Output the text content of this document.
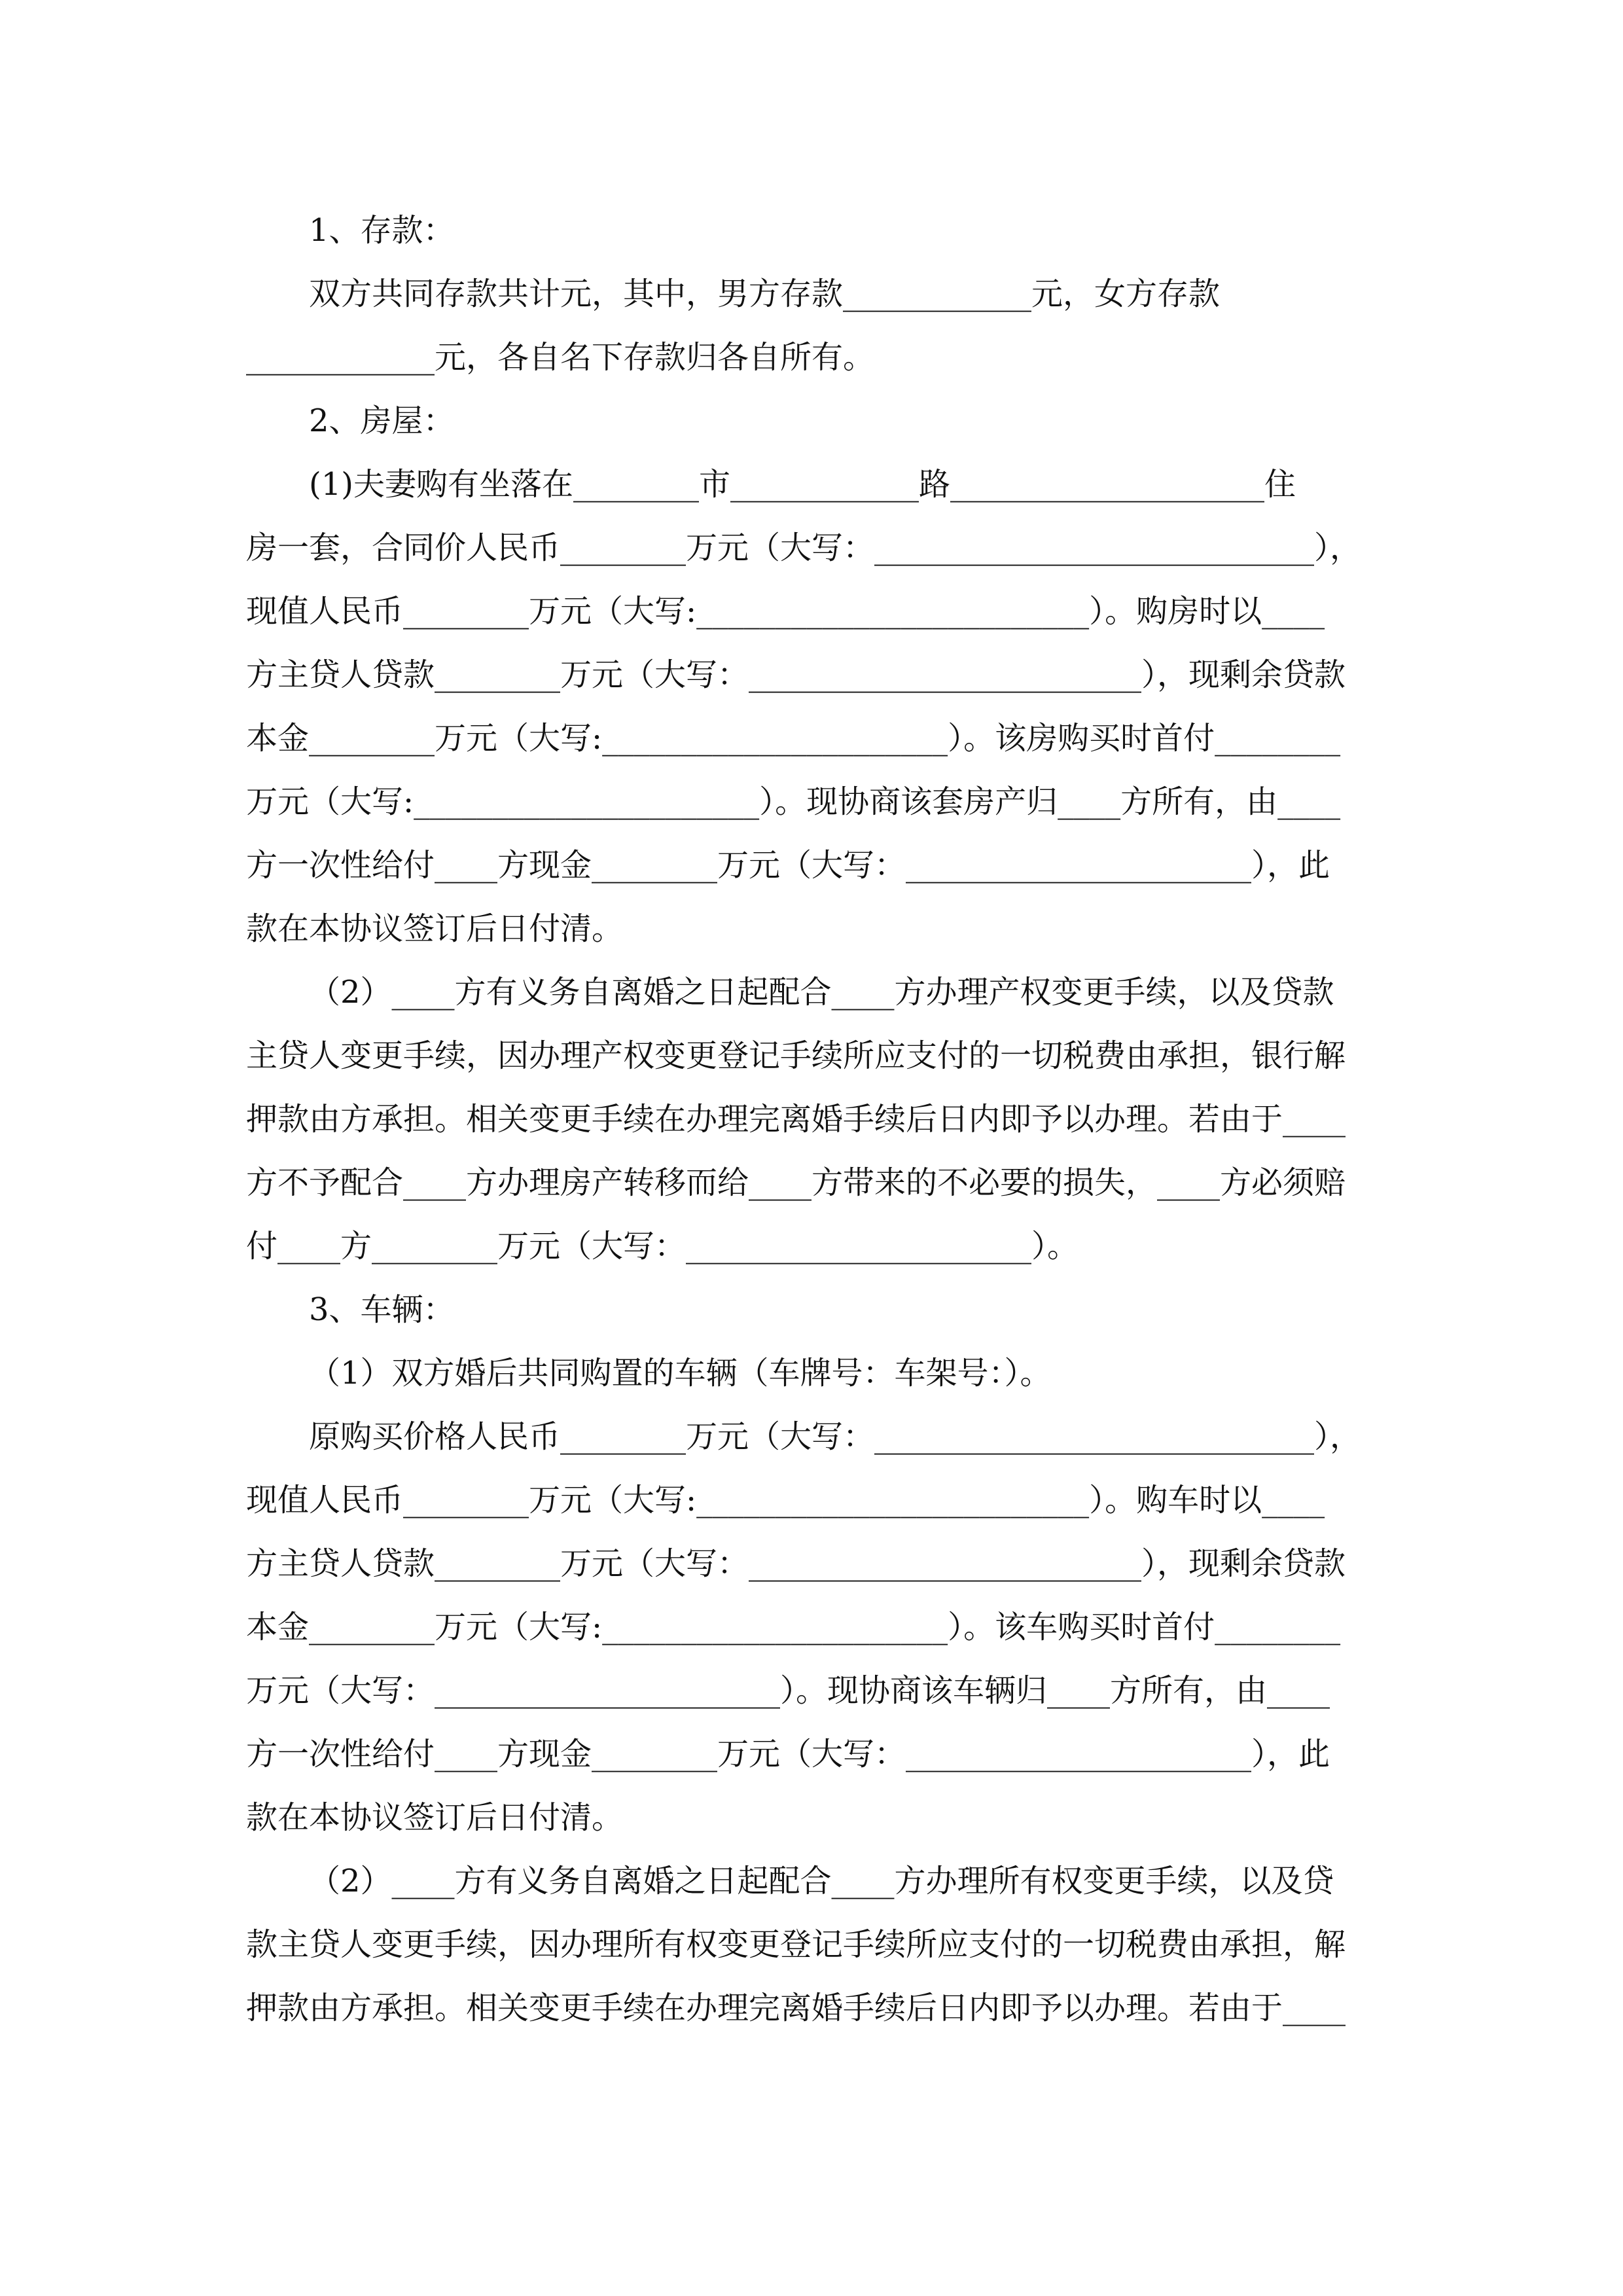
1、存款：
双方共同存款共计元，其中，男方存款____________元，女方存款
____________元，各自名下存款归各自所有。
2、房屋：
(1)夫妻购有坐落在________市____________路____________________住
房一套，合同价人民币________万元（大写：____________________________），
现值人民币________万元（大写:_________________________）。购房时以____
方主贷人贷款________万元（大写：_________________________），现剩余贷款
本金________万元（大写:______________________）。该房购买时首付________
万元（大写:______________________）。现协商该套房产归____方所有，由____
方一次性给付____方现金________万元（大写：______________________），此
款在本协议签订后日付清。
（2）____方有义务自离婚之日起配合____方办理产权变更手续，以及贷款
主贷人变更手续，因办理产权变更登记手续所应支付的一切税费由承担，银行解
押款由方承担。相关变更手续在办理完离婚手续后日内即予以办理。若由于____
方不予配合____方办理房产转移而给____方带来的不必要的损失，____方必须赔
付____方________万元（大写：______________________）。
3、车辆：
（1）双方婚后共同购置的车辆（车牌号：车架号：）。
原购买价格人民币________万元（大写：____________________________），
现值人民币________万元（大写:_________________________）。购车时以____
方主贷人贷款________万元（大写：_________________________），现剩余贷款
本金________万元（大写:______________________）。该车购买时首付________
万元（大写：______________________）。现协商该车辆归____方所有，由____
方一次性给付____方现金________万元（大写：______________________），此
款在本协议签订后日付清。
（2）____方有义务自离婚之日起配合____方办理所有权变更手续，以及贷
款主贷人变更手续，因办理所有权变更登记手续所应支付的一切税费由承担，解
押款由方承担。相关变更手续在办理完离婚手续后日内即予以办理。若由于____
